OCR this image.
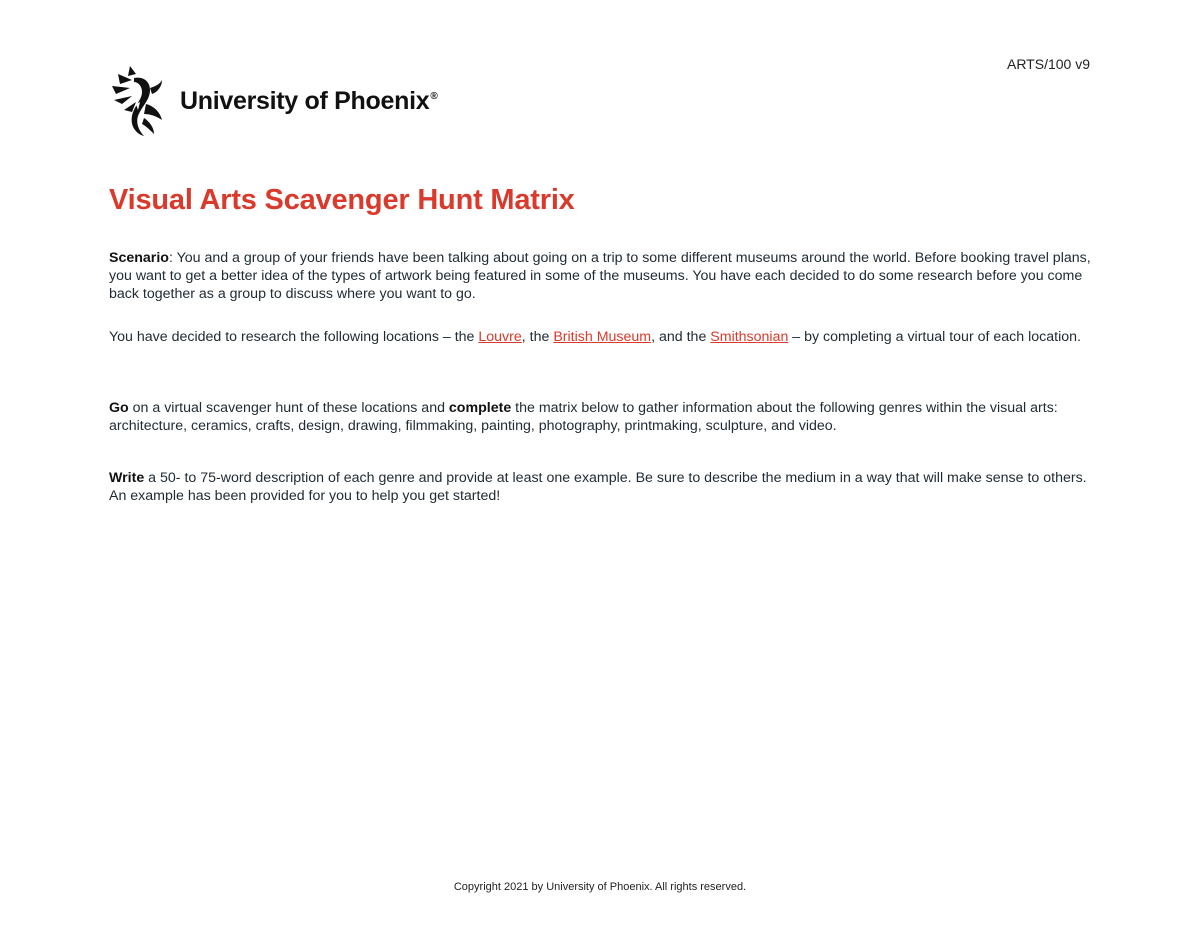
ARTS/100 v9
University of Phoenix®
Visual Arts Scavenger Hunt Matrix

Scenario: You and a group of your friends have been talking about going on a trip to some different museums around the world. Before booking travel plans, you want to get a better idea of the types of artwork being featured in some of the museums. You have each decided to do some research before you come back together as a group to discuss where you want to go.

You have decided to research the following locations – the Louvre, the British Museum, and the Smithsonian – by completing a virtual tour of each location.

Go on a virtual scavenger hunt of these locations and complete the matrix below to gather information about the following genres within the visual arts: architecture, ceramics, crafts, design, drawing, filmmaking, painting, photography, printmaking, sculpture, and video.

Write a 50- to 75-word description of each genre and provide at least one example. Be sure to describe the medium in a way that will make sense to others. An example has been provided for you to help you get started!

Copyright 2021 by University of Phoenix. All rights reserved.
